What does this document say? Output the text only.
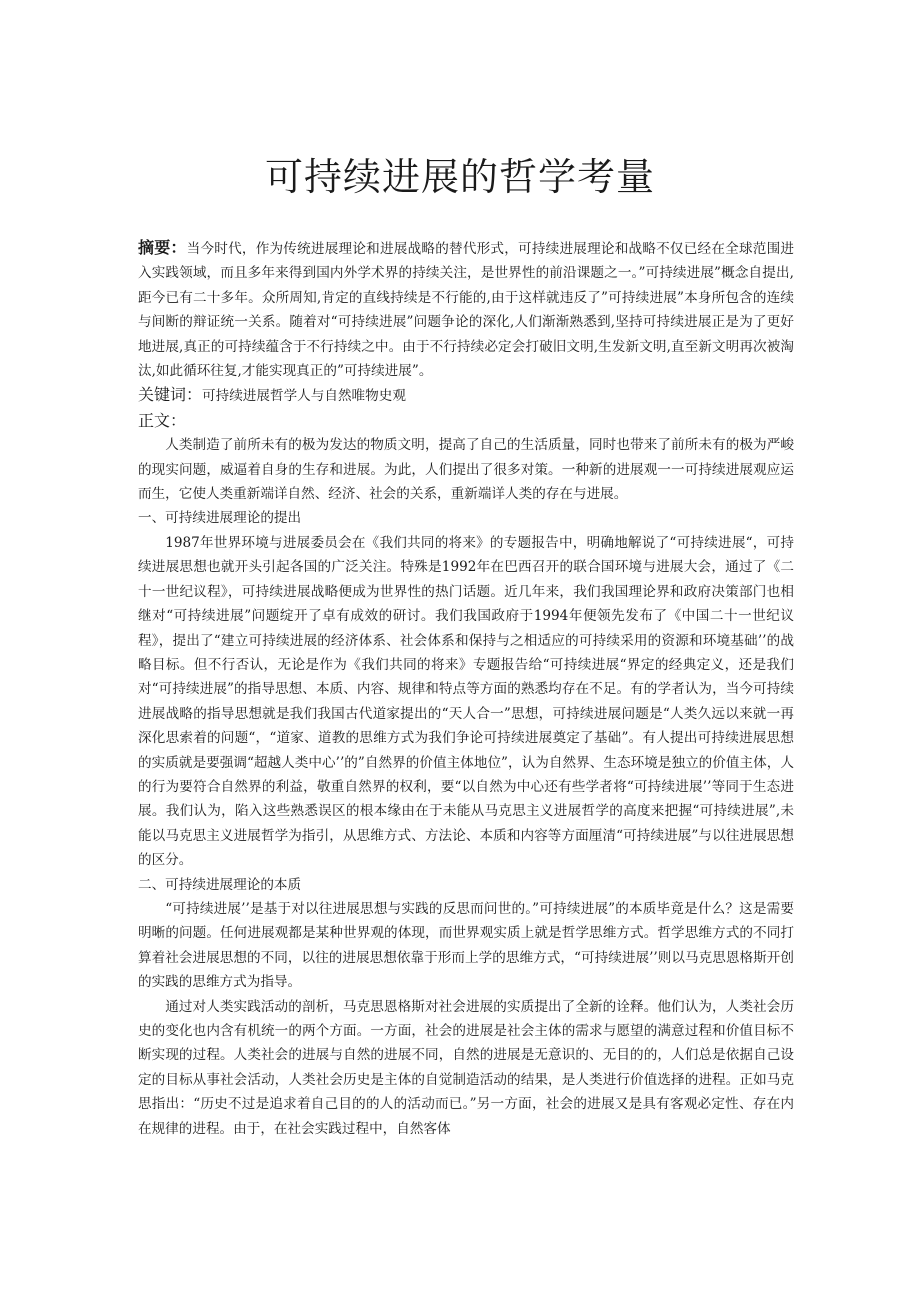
可持续进展的哲学考量

摘要：当今时代，作为传统进展理论和进展战略的替代形式，可持续进展理论和战略不仅已经在全球范围进入实践领域，而且多年来得到国内外学术界的持续关注，是世界性的前沿课题之一。”可持续进展”概念自提出,距今已有二十多年。众所周知,肯定的直线持续是不行能的,由于这样就违反了”可持续进展”本身所包含的连续与间断的辩证统一关系。随着对“可持续进展”问题争论的深化,人们渐渐熟悉到,坚持可持续进展正是为了更好地进展,真正的可持续蕴含于不行持续之中。由于不行持续必定会打破旧文明,生发新文明,直至新文明再次被淘汰,如此循环往复,才能实现真正的”可持续进展”。

关键词：可持续进展哲学人与自然唯物史观

正文：

人类制造了前所未有的极为发达的物质文明，提高了自己的生活质量，同时也带来了前所未有的极为严峻的现实问题，威逼着自身的生存和进展。为此，人们提出了很多对策。一种新的进展观一一可持续进展观应运而生，它使人类重新端详自然、经济、社会的关系，重新端详人类的存在与进展。

一、可持续进展理论的提出

1987年世界环境与进展委员会在《我们共同的将来》的专题报告中，明确地解说了“可持续进展“，可持续进展思想也就开头引起各国的广泛关注。特殊是1992年在巴西召开的联合国环境与进展大会，通过了《二十一世纪议程》，可持续进展战略便成为世界性的热门话题。近几年来，我们我国理论界和政府决策部门也相继对“可持续进展”问题绽开了卓有成效的研讨。我们我国政府于1994年便领先发布了《中国二十一世纪议程》，提出了“建立可持续进展的经济体系、社会体系和保持与之相适应的可持续采用的资源和环境基础’’的战略目标。但不行否认，无论是作为《我们共同的将来》专题报告给“可持续进展“界定的经典定义，还是我们对“可持续进展”的指导思想、本质、内容、规律和特点等方面的熟悉均存在不足。有的学者认为，当今可持续进展战略的指导思想就是我们我国古代道家提出的“天人合一”思想，可持续进展问题是“人类久远以来就一再深化思索着的问题“，“道家、道教的思维方式为我们争论可持续进展奠定了基础”。有人提出可持续进展思想的实质就是要强调“超越人类中心’’的”自然界的价值主体地位”，认为自然界、生态环境是独立的价值主体，人的行为要符合自然界的利益，敬重自然界的权利，要“以自然为中心还有些学者将“可持续进展’’等同于生态进展。我们认为，陷入这些熟悉误区的根本缘由在于未能从马克思主义进展哲学的高度来把握“可持续进展”,未能以马克思主义进展哲学为指引，从思维方式、方法论、本质和内容等方面厘清“可持续进展”与以往进展思想的区分。

二、可持续进展理论的本质

“可持续进展’’是基于对以往进展思想与实践的反思而问世的。”可持续进展”的本质毕竟是什么？这是需要明晰的问题。任何进展观都是某种世界观的体现，而世界观实质上就是哲学思维方式。哲学思维方式的不同打算着社会进展思想的不同，以往的进展思想依靠于形而上学的思维方式，“可持续进展’’则以马克思恩格斯开创的实践的思维方式为指导。

通过对人类实践活动的剖析，马克思恩格斯对社会进展的实质提出了全新的诠释。他们认为，人类社会历史的变化也内含有机统一的两个方面。一方面，社会的进展是社会主体的需求与愿望的满意过程和价值目标不断实现的过程。人类社会的进展与自然的进展不同，自然的进展是无意识的、无目的的，人们总是依据自己设定的目标从事社会活动，人类社会历史是主体的自觉制造活动的结果，是人类进行价值选择的进程。正如马克思指出：“历史不过是追求着自己目的的人的活动而已。”另一方面，社会的进展又是具有客观必定性、存在内在规律的进程。由于，在社会实践过程中，自然客体
